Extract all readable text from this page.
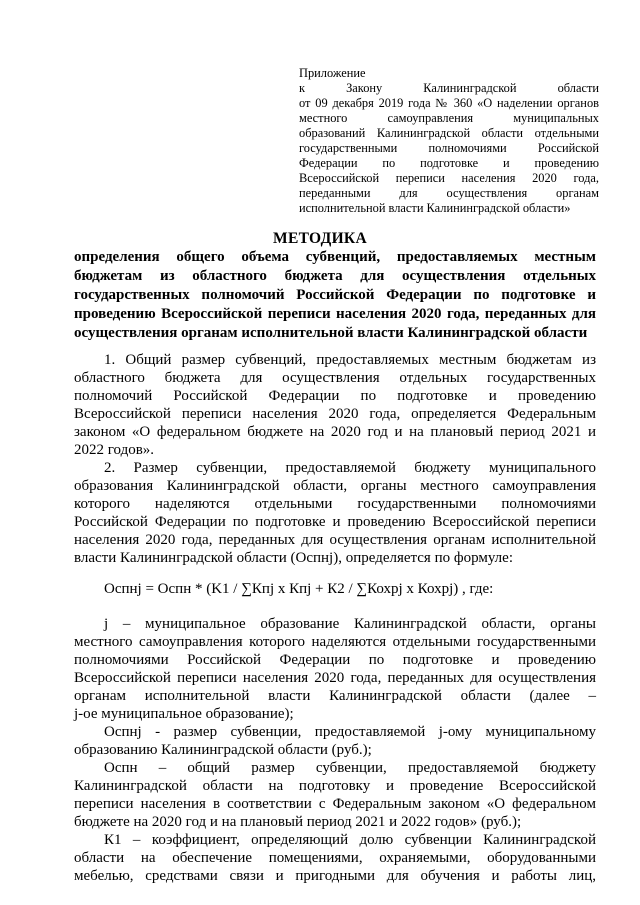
Приложение
к Закону Калининградской области
от 09 декабря 2019 года № 360 «О наделении органов
местного самоуправления муниципальных
образований Калининградской области отдельными
государственными полномочиями Российской
Федерации по подготовке и проведению
Всероссийской переписи населения 2020 года,
переданными для осуществления органам
исполнительной власти Калининградской области»
МЕТОДИКА
определения общего объема субвенций, предоставляемых местным
бюджетам из областного бюджета для осуществления отдельных
государственных полномочий Российской Федерации по подготовке и
проведению Всероссийской переписи населения 2020 года, переданных для
осуществления органам исполнительной власти Калининградской области
1. Общий размер субвенций, предоставляемых местным бюджетам из
областного бюджета для осуществления отдельных государственных
полномочий Российской Федерации по подготовке и проведению
Всероссийской переписи населения 2020 года, определяется Федеральным
законом «О федеральном бюджете на 2020 год и на плановый период 2021 и
2022 годов».
2. Размер субвенции, предоставляемой бюджету муниципального
образования Калининградской области, органы местного самоуправления
которого наделяются отдельными государственными полномочиями
Российской Федерации по подготовке и проведению Всероссийской переписи
населения 2020 года, переданных для осуществления органам исполнительной
власти Калининградской области (Оспнj), определяется по формуле:
Оспнj = Оспн * (K1 / ∑Кпj x Кпj + К2 / ∑Кохрj x Кохрj) , где:
j – муниципальное образование Калининградской области, органы
местного самоуправления которого наделяются отдельными государственными
полномочиями Российской Федерации по подготовке и проведению
Всероссийской переписи населения 2020 года, переданных для осуществления
органам исполнительной власти Калининградской области (далее –
j-ое муниципальное образование);
Оспнj - размер субвенции, предоставляемой j-ому муниципальному
образованию Калининградской области (руб.);
Оспн – общий размер субвенции, предоставляемой бюджету
Калининградской области на подготовку и проведение Всероссийской
переписи населения в соответствии с Федеральным законом «О федеральном
бюджете на 2020 год и на плановый период 2021 и 2022 годов» (руб.);
К1 – коэффициент, определяющий долю субвенции Калининградской
области на обеспечение помещениями, охраняемыми, оборудованными
мебелью, средствами связи и пригодными для обучения и работы лиц,
